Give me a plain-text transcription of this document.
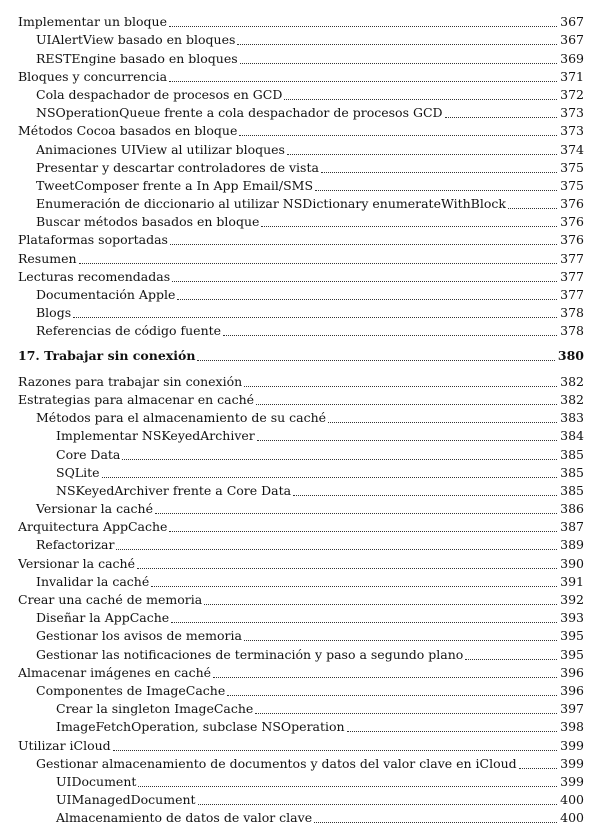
Implementar un bloque	367
UIAlertView basado en bloques	367
RESTEngine basado en bloques	369
Bloques y concurrencia	371
Cola despachador de procesos en GCD	372
NSOperationQueue frente a cola despachador de procesos GCD	373
Métodos Cocoa basados en bloque	373
Animaciones UIView al utilizar bloques	374
Presentar y descartar controladores de vista	375
TweetComposer frente a In App Email/SMS	375
Enumeración de diccionario al utilizar NSDictionary enumerateWithBlock	376
Buscar métodos basados en bloque	376
Plataformas soportadas	376
Resumen	377
Lecturas recomendadas	377
Documentación Apple	377
Blogs	378
Referencias de código fuente	378
17. Trabajar sin conexión	380
Razones para trabajar sin conexión	382
Estrategias para almacenar en caché	382
Métodos para el almacenamiento de su caché	383
Implementar NSKeyedArchiver	384
Core Data	385
SQLite	385
NSKeyedArchiver frente a Core Data	385
Versionar la caché	386
Arquitectura AppCache	387
Refactorizar	389
Versionar la caché	390
Invalidar la caché	391
Crear una caché de memoria	392
Diseñar la AppCache	393
Gestionar los avisos de memoria	395
Gestionar las notificaciones de terminación y paso a segundo plano	395
Almacenar imágenes en caché	396
Componentes de ImageCache	396
Crear la singleton ImageCache	397
ImageFetchOperation, subclase NSOperation	398
Utilizar iCloud	399
Gestionar almacenamiento de documentos y datos del valor clave en iCloud	399
UIDocument	399
UIManagedDocument	400
Almacenamiento de datos de valor clave	400
